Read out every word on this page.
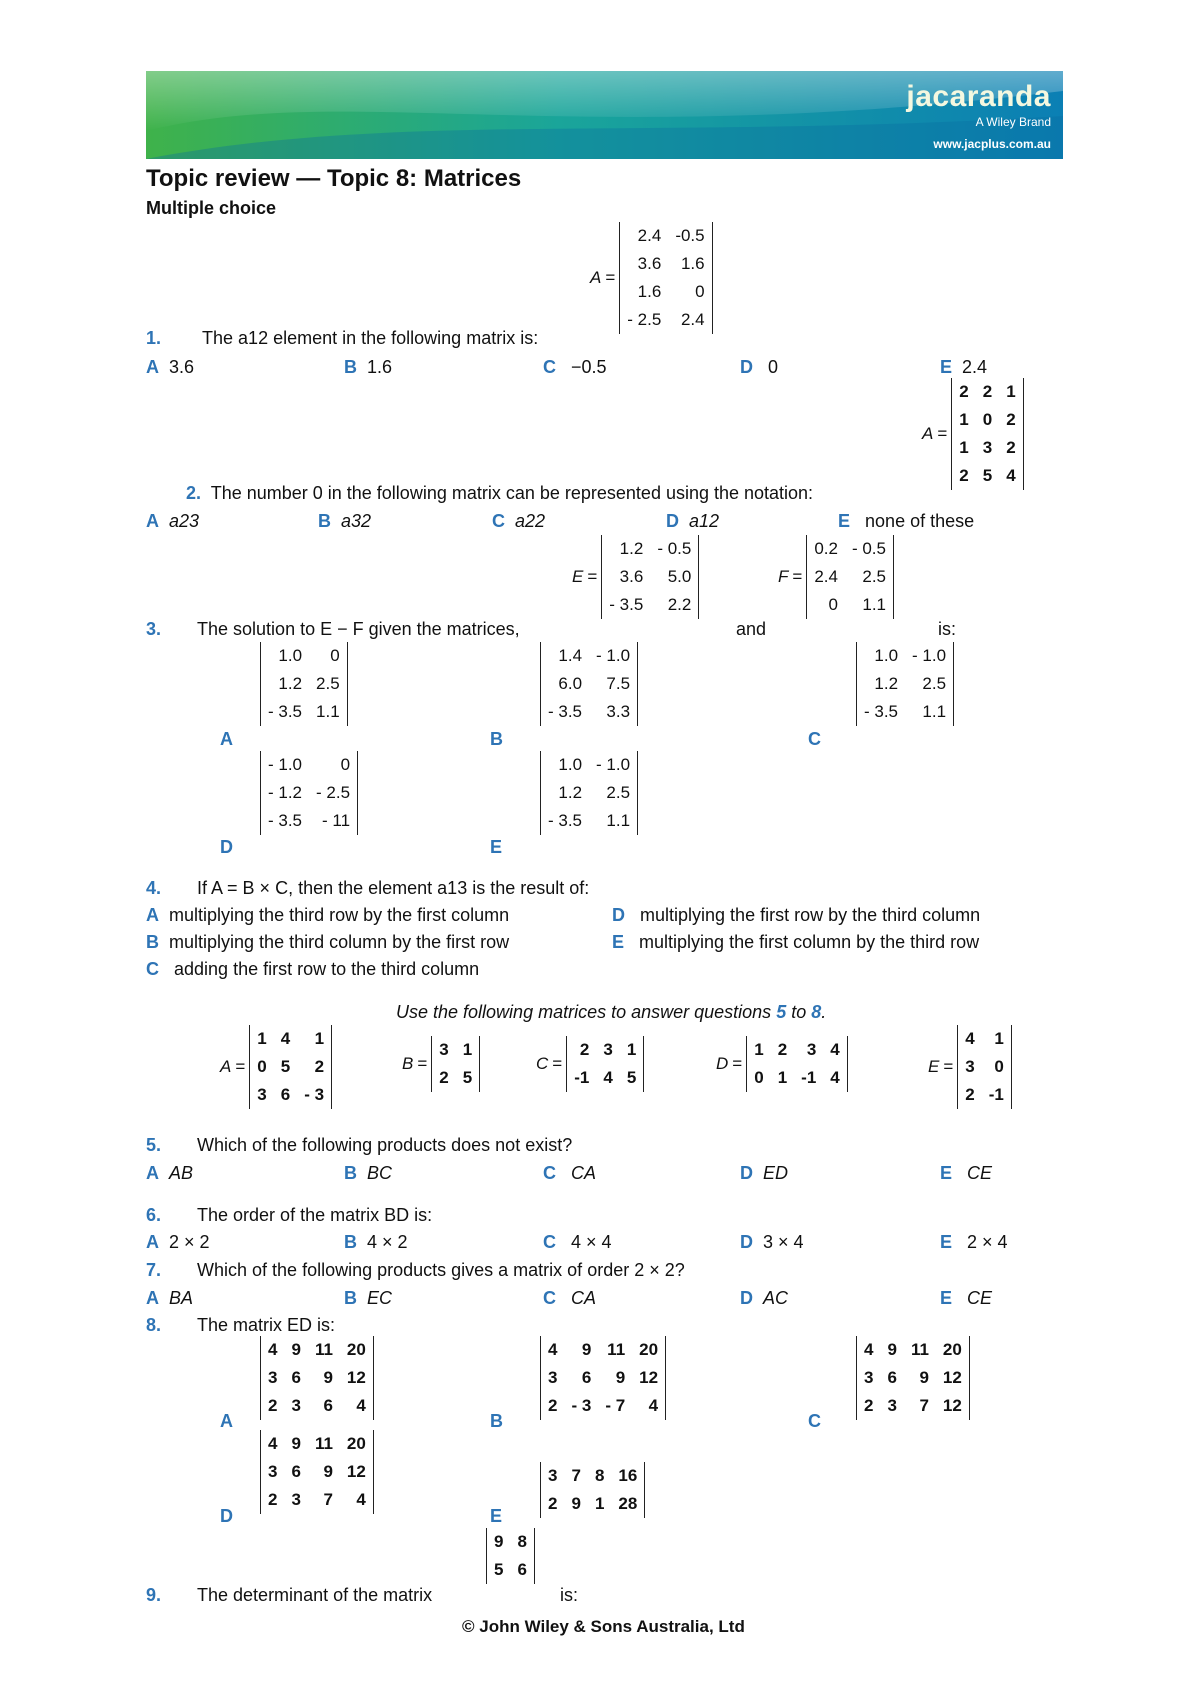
jacaranda
A Wiley Brand
www.jacplus.com.au
Topic review — Topic 8: Matrices
Multiple choice
A =
2.4	-0.5
3.6	1.6
1.6	0
- 2.5	2.4
1. The a12 element in the following matrix is:
A 3.6	B 1.6	C −0.5	D 0	E 2.4
A =
2	2	1
1	0	2
1	3	2
2	5	4
2. The number 0 in the following matrix can be represented using the notation:
A a23	B a32	C a22	D a12	E none of these
E =
1.2	- 0.5
3.6	5.0
- 3.5	2.2
F =
0.2	- 0.5
2.4	2.5
0	1.1
3. The solution to E − F given the matrices,	and	is:
A
1.0	0
1.2	2.5
- 3.5	1.1
B
1.4	- 1.0
6.0	7.5
- 3.5	3.3
C
1.0	- 1.0
1.2	2.5
- 3.5	1.1
D
- 1.0	0
- 1.2	- 2.5
- 3.5	- 11
E
1.0	- 1.0
1.2	2.5
- 3.5	1.1
4. If A = B × C, then the element a13 is the result of:
A multiplying the third row by the first column
B multiplying the third column by the first row
C adding the first row to the third column
D multiplying the first row by the third column
E multiplying the first column by the third row
Use the following matrices to answer questions 5 to 8.
A =
1	4	1
0	5	2
3	6	- 3
B =
3	1
2	5
C =
2	3	1
-1	4	5
D =
1	2	3	4
0	1	-1	4
E =
4	1
3	0
2	-1
5. Which of the following products does not exist?
A AB	B BC	C CA	D ED	E CE
6. The order of the matrix BD is:
A 2 × 2	B 4 × 2	C 4 × 4	D 3 × 4	E 2 × 4
7. Which of the following products gives a matrix of order 2 × 2?
A BA	B EC	C CA	D AC	E CE
8. The matrix ED is:
A
4	9	11	20
3	6	9	12
2	3	6	4
B
4	9	11	20
3	6	9	12
2	- 3	- 7	4
C
4	9	11	20
3	6	9	12
2	3	7	12
D
4	9	11	20
3	6	9	12
2	3	7	4
E
3	7	8	16
2	9	1	28
9	8
5	6
9. The determinant of the matrix	is:
© John Wiley & Sons Australia, Ltd
